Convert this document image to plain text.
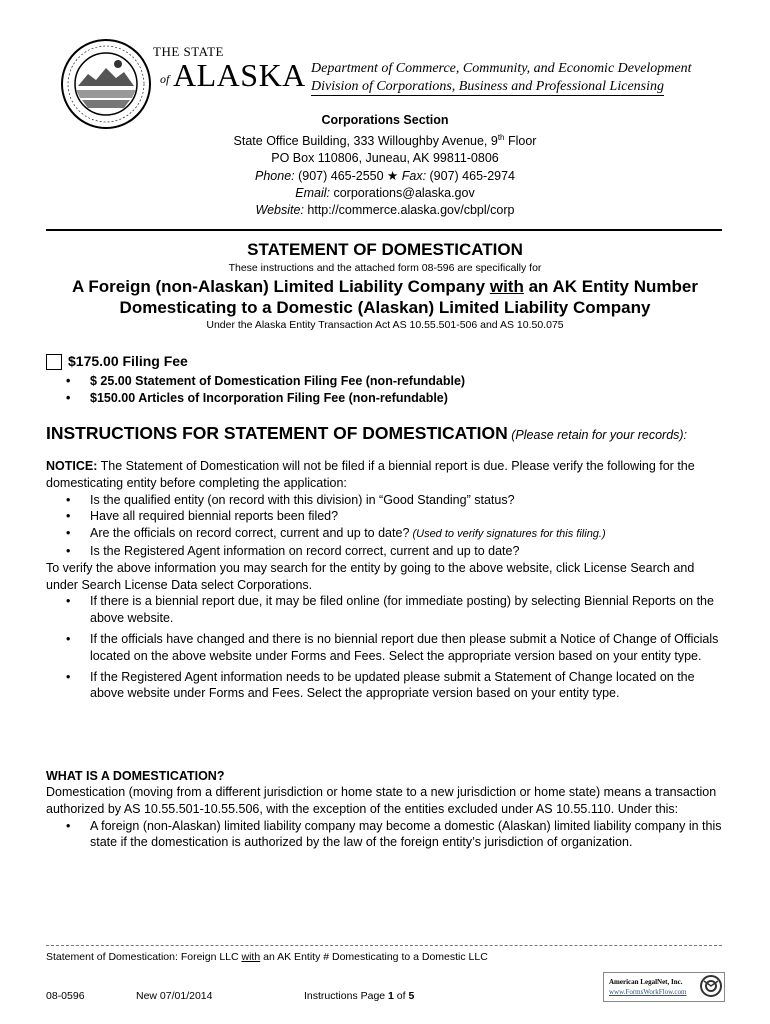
THE STATE
of ALASKA Department of Commerce, Community, and Economic Development
Division of Corporations, Business and Professional Licensing
Corporations Section
State Office Building, 333 Willoughby Avenue, 9th Floor
PO Box 110806, Juneau, AK 99811-0806
Phone: (907) 465-2550 ★ Fax: (907) 465-2974
Email: corporations@alaska.gov
Website: http://commerce.alaska.gov/cbpl/corp
STATEMENT OF DOMESTICATION
These instructions and the attached form 08-596 are specifically for
A Foreign (non-Alaskan) Limited Liability Company with an AK Entity Number
Domesticating to a Domestic (Alaskan) Limited Liability Company
Under the Alaska Entity Transaction Act AS 10.55.501-506 and AS 10.50.075
$175.00 Filing Fee
• $ 25.00 Statement of Domestication Filing Fee (non-refundable)
• $150.00 Articles of Incorporation Filing Fee (non-refundable)
INSTRUCTIONS FOR STATEMENT OF DOMESTICATION (Please retain for your records):
NOTICE: The Statement of Domestication will not be filed if a biennial report is due. Please verify the following for the domesticating entity before completing the application:
• Is the qualified entity (on record with this division) in “Good Standing” status?
• Have all required biennial reports been filed?
• Are the officials on record correct, current and up to date? (Used to verify signatures for this filing.)
• Is the Registered Agent information on record correct, current and up to date?
To verify the above information you may search for the entity by going to the above website, click License Search and under Search License Data select Corporations.
• If there is a biennial report due, it may be filed online (for immediate posting) by selecting Biennial Reports on the above website.
• If the officials have changed and there is no biennial report due then please submit a Notice of Change of Officials located on the above website under Forms and Fees. Select the appropriate version based on your entity type.
• If the Registered Agent information needs to be updated please submit a Statement of Change located on the above website under Forms and Fees. Select the appropriate version based on your entity type.
WHAT IS A DOMESTICATION?
Domestication (moving from a different jurisdiction or home state to a new jurisdiction or home state) means a transaction authorized by AS 10.55.501-10.55.506, with the exception of the entities excluded under AS 10.55.110. Under this:
• A foreign (non-Alaskan) limited liability company may become a domestic (Alaskan) limited liability company in this state if the domestication is authorized by the law of the foreign entity’s jurisdiction of organization.
Statement of Domestication: Foreign LLC with an AK Entity # Domesticating to a Domestic LLC
08-0596	New 07/01/2014	Instructions Page 1 of 5
American LegalNet, Inc.
www.FormsWorkFlow.com
